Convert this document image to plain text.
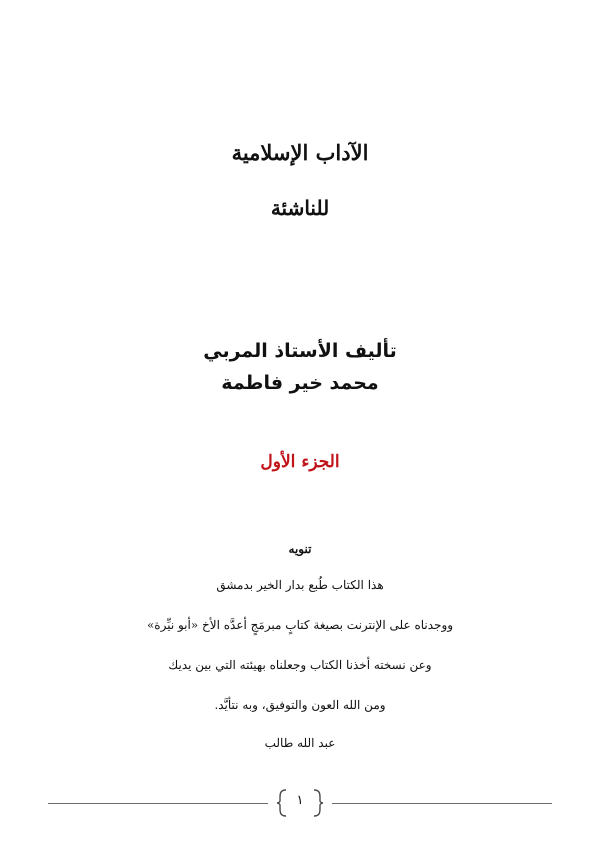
الآداب الإسلامية
للناشئة
تأليف الأستاذ المربي
محمد خير فاطمة
الجزء الأول
تنويه
هذا الكتاب طُبع بدار الخير بدمشق
ووجدناه على الإنترنت بصيغة كتابٍ مبرمَجٍ أعدَّه الأخ «أبو نيِّرة»
وعن نسخته أخذنا الكتاب وجعلناه بهيئته التي بين يديك
ومن الله العون والتوفيق، وبه نتأيَّد.
عبد الله طالب
١
